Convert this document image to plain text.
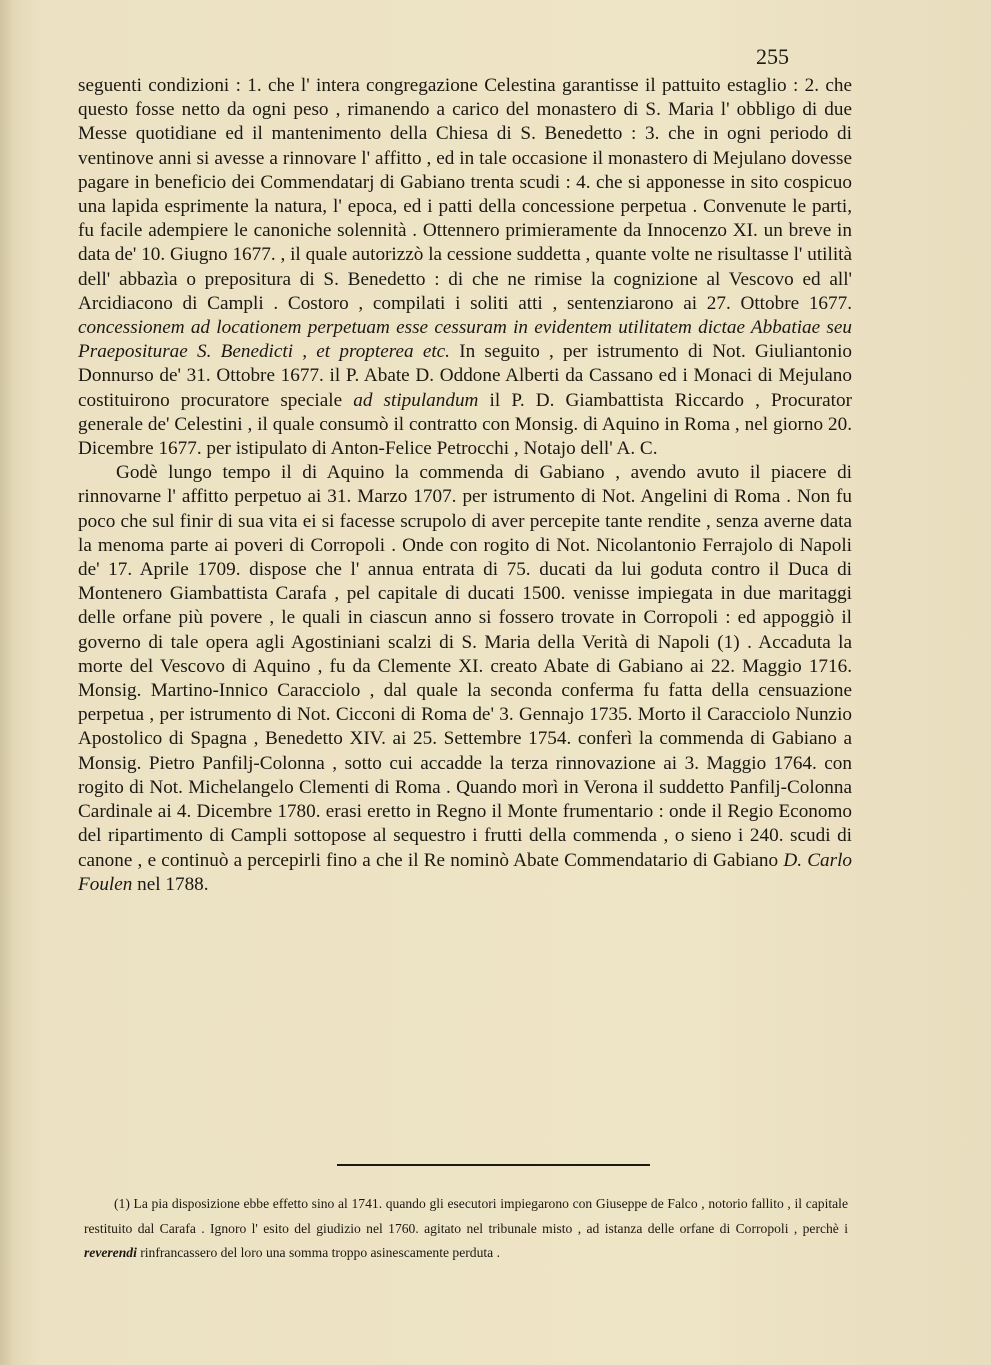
255

seguenti condizioni : 1. che l' intera congregazione Celestina garantisse il pattuito estaglio : 2. che questo fosse netto da ogni peso , rimanendo a carico del monastero di S. Maria l' obbligo di due Messe quotidiane ed il mantenimento della Chiesa di S. Benedetto : 3. che in ogni periodo di ventinove anni si avesse a rinnovare l' affitto , ed in tale occasione il monastero di Mejulano dovesse pagare in beneficio dei Commendatarj di Gabiano trenta scudi : 4. che si apponesse in sito cospicuo una lapida esprimente la natura, l' epoca, ed i patti della concessione perpetua . Convenute le parti, fu facile adempiere le canoniche solennità . Ottennero primieramente da Innocenzo XI. un breve in data de' 10. Giugno 1677. , il quale autorizzò la cessione suddetta , quante volte ne risultasse l' utilità dell' abbazìa o prepositura di S. Benedetto : di che ne rimise la cognizione al Vescovo ed all' Arcidiacono di Campli . Costoro , compilati i soliti atti , sentenziarono ai 27. Ottobre 1677. concessionem ad locationem perpetuam esse cessuram in evidentem utilitatem dictae Abbatiae seu Praepositurae S. Benedicti , et propterea etc. In seguito , per istrumento di Not. Giuliantonio Donnurso de' 31. Ottobre 1677. il P. Abate D. Oddone Alberti da Cassano ed i Monaci di Mejulano costituirono procuratore speciale ad stipulandum il P. D. Giambattista Riccardo , Procurator generale de' Celestini , il quale consumò il contratto con Monsig. di Aquino in Roma , nel giorno 20. Dicembre 1677. per istipulato di Anton-Felice Petrocchi , Notajo dell' A. C.

Godè lungo tempo il di Aquino la commenda di Gabiano , avendo avuto il piacere di rinnovarne l' affitto perpetuo ai 31. Marzo 1707. per istrumento di Not. Angelini di Roma . Non fu poco che sul finir di sua vita ei si facesse scrupolo di aver percepite tante rendite , senza averne data la menoma parte ai poveri di Corropoli . Onde con rogito di Not. Nicolantonio Ferrajolo di Napoli de' 17. Aprile 1709. dispose che l' annua entrata di 75. ducati da lui goduta contro il Duca di Montenero Giambattista Carafa , pel capitale di ducati 1500. venisse impiegata in due maritaggi delle orfane più povere , le quali in ciascun anno si fossero trovate in Corropoli : ed appoggiò il governo di tale opera agli Agostiniani scalzi di S. Maria della Verità di Napoli (1) . Accaduta la morte del Vescovo di Aquino , fu da Clemente XI. creato Abate di Gabiano ai 22. Maggio 1716. Monsig. Martino-Innico Caracciolo , dal quale la seconda conferma fu fatta della censuazione perpetua , per istrumento di Not. Cicconi di Roma de' 3. Gennajo 1735. Morto il Caracciolo Nunzio Apostolico di Spagna , Benedetto XIV. ai 25. Settembre 1754. conferì la commenda di Gabiano a Monsig. Pietro Panfilj-Colonna , sotto cui accadde la terza rinnovazione ai 3. Maggio 1764. con rogito di Not. Michelangelo Clementi di Roma . Quando morì in Verona il suddetto Panfilj-Colonna Cardinale ai 4. Dicembre 1780. erasi eretto in Regno il Monte frumentario : onde il Regio Economo del ripartimento di Campli sottopose al sequestro i frutti della commenda , o sieno i 240. scudi di canone , e continuò a percepirli fino a che il Re nominò Abate Commendatario di Gabiano D. Carlo Foulen nel 1788.

(1) La pia disposizione ebbe effetto sino al 1741. quando gli esecutori impiegarono con Giuseppe de Falco , notorio fallito , il capitale restituito dal Carafa . Ignoro l' esito del giudizio nel 1760. agitato nel tribunale misto , ad istanza delle orfane di Corropoli , perchè i reverendi rinfrancassero del loro una somma troppo asinescamente perduta .
